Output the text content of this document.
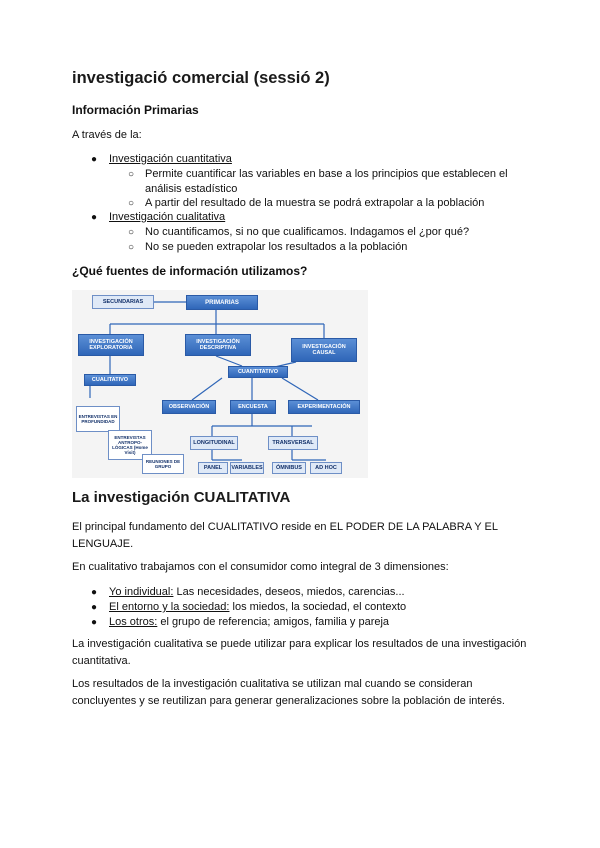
investigació comercial (sessió 2)
Información Primarias

A través de la:

● Investigación cuantitativa

○ Permite cuantificar las variables en base a los principios que establecen el análisis estadístico

○ A partir del resultado de la muestra se podrá extrapolar a la población

● Investigación cualitativa

○ No cuantificamos, si no que cualificamos. Indagamos el ¿por qué?

○ No se pueden extrapolar los resultados a la población

¿Qué fuentes de información utilizamos?
SECUNDARIAS	PRIMARIAS
INVESTIGACIÓN EXPLORATORIA
INVESTIGACIÓN DESCRIPTIVA	INVESTIGACIÓN CAUSAL
CUALITATIVO
CUANTITATIVO
OBSERVACIÓN	ENCUESTA	EXPERIMENTACIÓN
ENTREVISTAS EN PROFUNDIDAD
ENTREVISTAS ANTROPO-LÓGICAS (Home Visit)
REUNIONES DE GRUPO
LONGITUDINAL	TRANSVERSAL
PANEL	VARIABLES	ÓMNIBUS	AD HOC
La investigación CUALITATIVA

El principal fundamento del CUALITATIVO reside en EL PODER DE LA PALABRA Y EL LENGUAJE.

En cualitativo trabajamos con el consumidor como integral de 3 dimensiones:

● Yo individual: Las necesidades, deseos, miedos, carencias...

● El entorno y la sociedad: los miedos, la sociedad, el contexto

● Los otros: el grupo de referencia; amigos, familia y pareja

La investigación cualitativa se puede utilizar para explicar los resultados de una investigación cuantitativa.

Los resultados de la investigación cualitativa se utilizan mal cuando se consideran concluyentes y se reutilizan para generar generalizaciones sobre la población de interés.
